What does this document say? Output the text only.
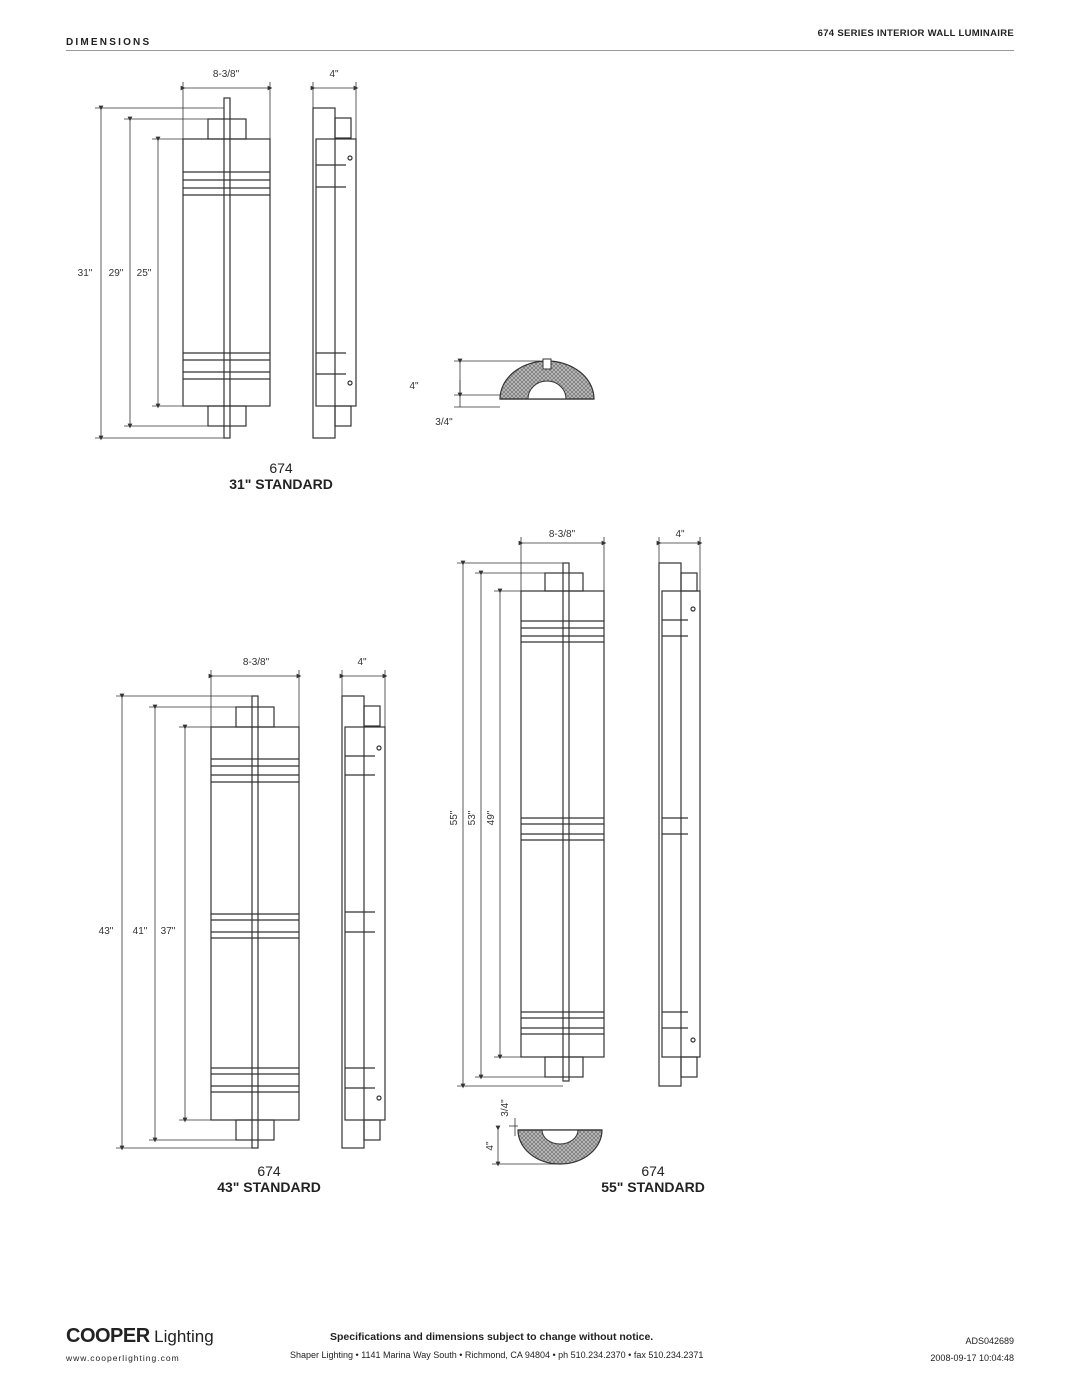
DIMENSIONS
674 SERIES INTERIOR WALL LUMINAIRE
8-3/8"	4"
31" 29" 25"
4"
3/4"
8-3/8"	4"
43" 41" 37"
8-3/8"	4"
55" 53" 49"
4"
3/4"
674
31" STANDARD
674
43" STANDARD
674
55" STANDARD
COOPER Lighting
www.cooperlighting.com
Specifications and dimensions subject to change without notice.
Shaper Lighting • 1141 Marina Way South • Richmond, CA 94804 • ph 510.234.2370 • fax 510.234.2371
ADS042689
2008-09-17 10:04:48
